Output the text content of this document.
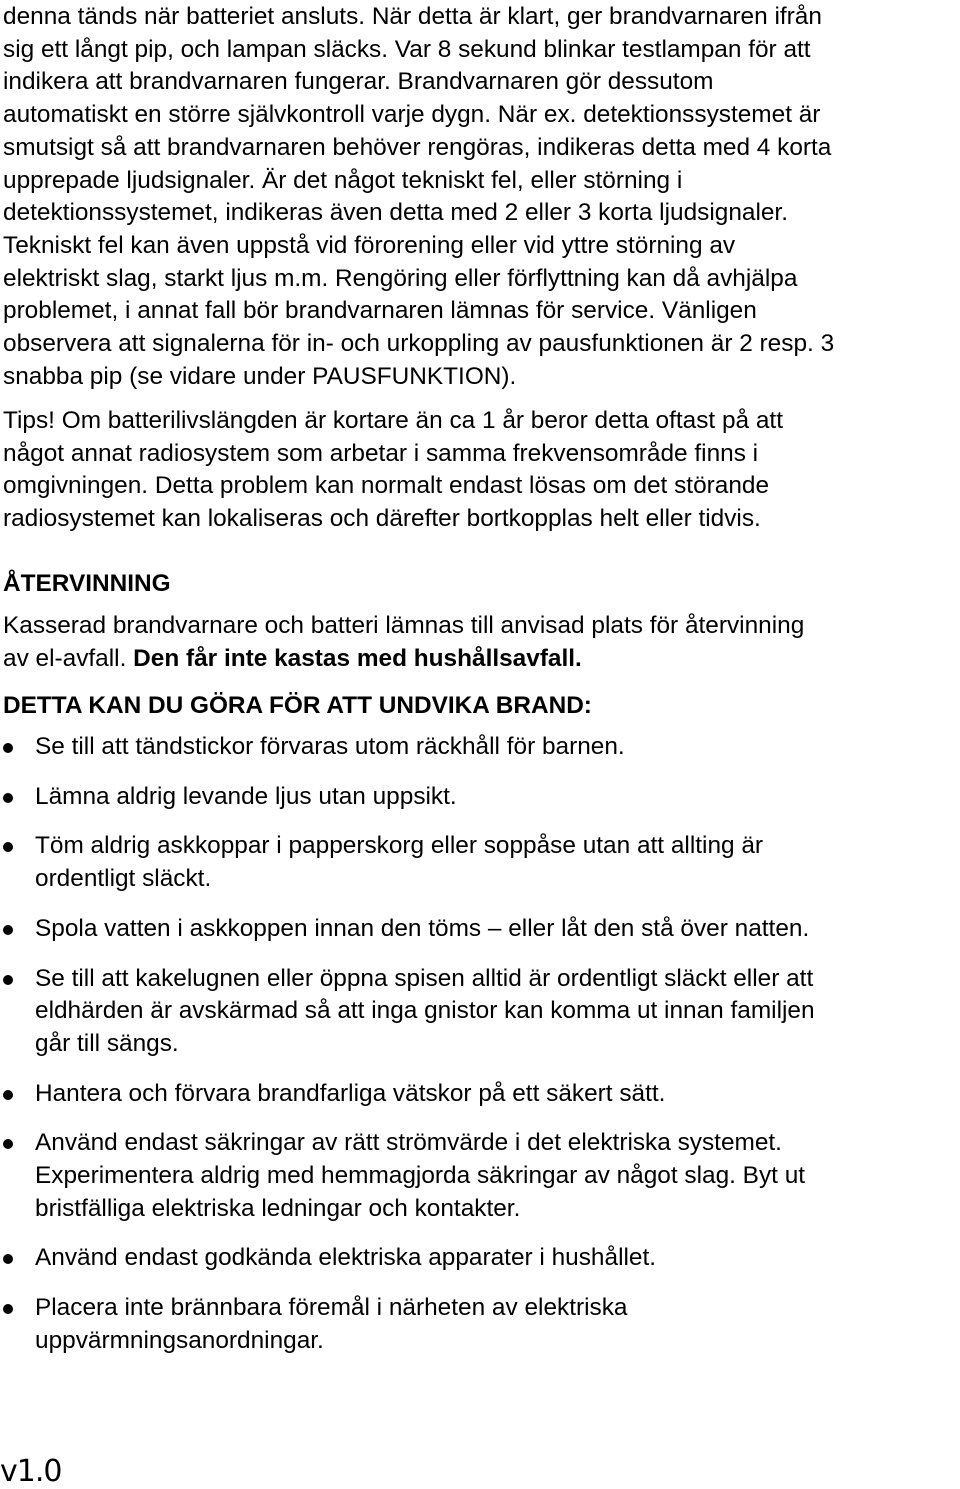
denna tänds när batteriet ansluts. När detta är klart, ger brandvarnaren ifrån
sig ett långt pip, och lampan släcks. Var 8 sekund blinkar testlampan för att
indikera att brandvarnaren fungerar. Brandvarnaren gör dessutom
automatiskt en större självkontroll varje dygn. När ex. detektionssystemet är
smutsigt så att brandvarnaren behöver rengöras, indikeras detta med 4 korta
upprepade ljudsignaler. Är det något tekniskt fel, eller störning i
detektionssystemet, indikeras även detta med 2 eller 3 korta ljudsignaler.
Tekniskt fel kan även uppstå vid förorening eller vid yttre störning av
elektriskt slag, starkt ljus m.m. Rengöring eller förflyttning kan då avhjälpa
problemet, i annat fall bör brandvarnaren lämnas för service. Vänligen
observera att signalerna för in- och urkoppling av pausfunktionen är 2 resp. 3
snabba pip (se vidare under PAUSFUNKTION).

Tips! Om batterilivslängden är kortare än ca 1 år beror detta oftast på att
något annat radiosystem som arbetar i samma frekvensområde finns i
omgivningen. Detta problem kan normalt endast lösas om det störande
radiosystemet kan lokaliseras och därefter bortkopplas helt eller tidvis.

ÅTERVINNING

Kasserad brandvarnare och batteri lämnas till anvisad plats för återvinning
av el-avfall. Den får inte kastas med hushållsavfall.

DETTA KAN DU GÖRA FÖR ATT UNDVIKA BRAND:
Se till att tändstickor förvaras utom räckhåll för barnen.
Lämna aldrig levande ljus utan uppsikt.
Töm aldrig askkoppar i papperskorg eller soppåse utan att allting är
ordentligt släckt.
Spola vatten i askkoppen innan den töms – eller låt den stå över natten.
Se till att kakelugnen eller öppna spisen alltid är ordentligt släckt eller att
eldhärden är avskärmad så att inga gnistor kan komma ut innan familjen
går till sängs.
Hantera och förvara brandfarliga vätskor på ett säkert sätt.
Använd endast säkringar av rätt strömvärde i det elektriska systemet.
Experimentera aldrig med hemmagjorda säkringar av något slag. Byt ut
bristfälliga elektriska ledningar och kontakter.
Använd endast godkända elektriska apparater i hushållet.
Placera inte brännbara föremål i närheten av elektriska
uppvärmningsanordningar.
v1.0
